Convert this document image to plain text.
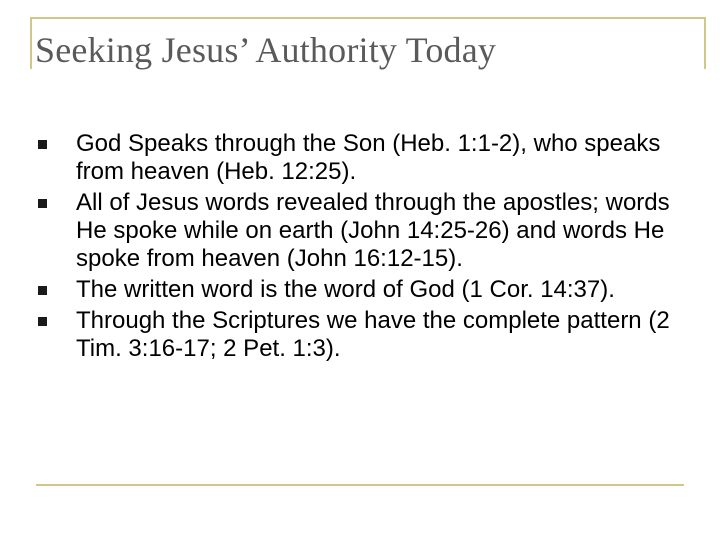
Seeking Jesus’ Authority Today
God Speaks through the Son (Heb. 1:1-2), who speaks from heaven (Heb. 12:25).
All of Jesus words revealed through the apostles; words He spoke while on earth (John 14:25-26) and words He spoke from heaven (John 16:12-15).
The written word is the word of God (1 Cor. 14:37).
Through the Scriptures we have the complete pattern (2 Tim. 3:16-17; 2 Pet. 1:3).
